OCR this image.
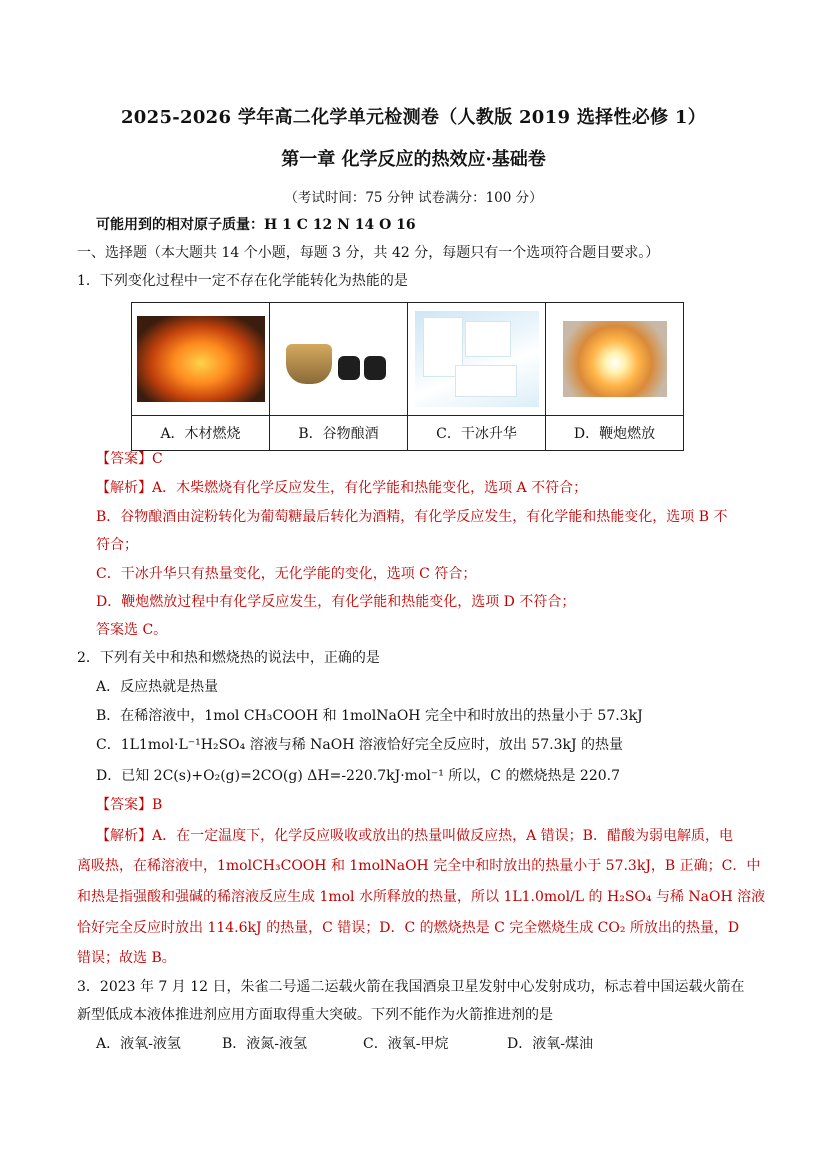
2025-2026 学年高二化学单元检测卷（人教版 2019 选择性必修 1）
第一章 化学反应的热效应·基础卷
（考试时间：75 分钟 试卷满分：100 分）
可能用到的相对原子质量：H 1 C 12 N 14 O 16
一、选择题（本大题共 14 个小题，每题 3 分，共 42 分，每题只有一个选项符合题目要求。）
1．下列变化过程中一定不存在化学能转化为热能的是

A．木材燃烧	B．谷物酿酒	C．干冰升华	D．鞭炮燃放
【答案】C
【解析】A．木柴燃烧有化学反应发生，有化学能和热能变化，选项 A 不符合；
B．谷物酿酒由淀粉转化为葡萄糖最后转化为酒精，有化学反应发生，有化学能和热能变化，选项 B 不
符合；
C．干冰升华只有热量变化，无化学能的变化，选项 C 符合；
D．鞭炮燃放过程中有化学反应发生，有化学能和热能变化，选项 D 不符合；
答案选 C。
2．下列有关中和热和燃烧热的说法中，正确的是
A．反应热就是热量
B．在稀溶液中，1mol CH₃COOH 和 1molNaOH 完全中和时放出的热量小于 57.3kJ
C．1L1mol·L⁻¹H₂SO₄ 溶液与稀 NaOH 溶液恰好完全反应时，放出 57.3kJ 的热量
D．已知 2C(s)+O₂(g)=2CO(g) ΔH=-220.7kJ·mol⁻¹ 所以，C 的燃烧热是 220.7
【答案】B
【解析】A．在一定温度下，化学反应吸收或放出的热量叫做反应热，A 错误；B．醋酸为弱电解质，电
离吸热，在稀溶液中，1molCH₃COOH 和 1molNaOH 完全中和时放出的热量小于 57.3kJ，B 正确；C．中
和热是指强酸和强碱的稀溶液反应生成 1mol 水所释放的热量，所以 1L1.0mol/L 的 H₂SO₄ 与稀 NaOH 溶液
恰好完全反应时放出 114.6kJ 的热量，C 错误；D．C 的燃烧热是 C 完全燃烧生成 CO₂ 所放出的热量，D
错误；故选 B。
3．2023 年 7 月 12 日，朱雀二号遥二运载火箭在我国酒泉卫星发射中心发射成功，标志着中国运载火箭在
新型低成本液体推进剂应用方面取得重大突破。下列不能作为火箭推进剂的是
A．液氧-液氢	B．液氮-液氢	C．液氧-甲烷	D．液氧-煤油
